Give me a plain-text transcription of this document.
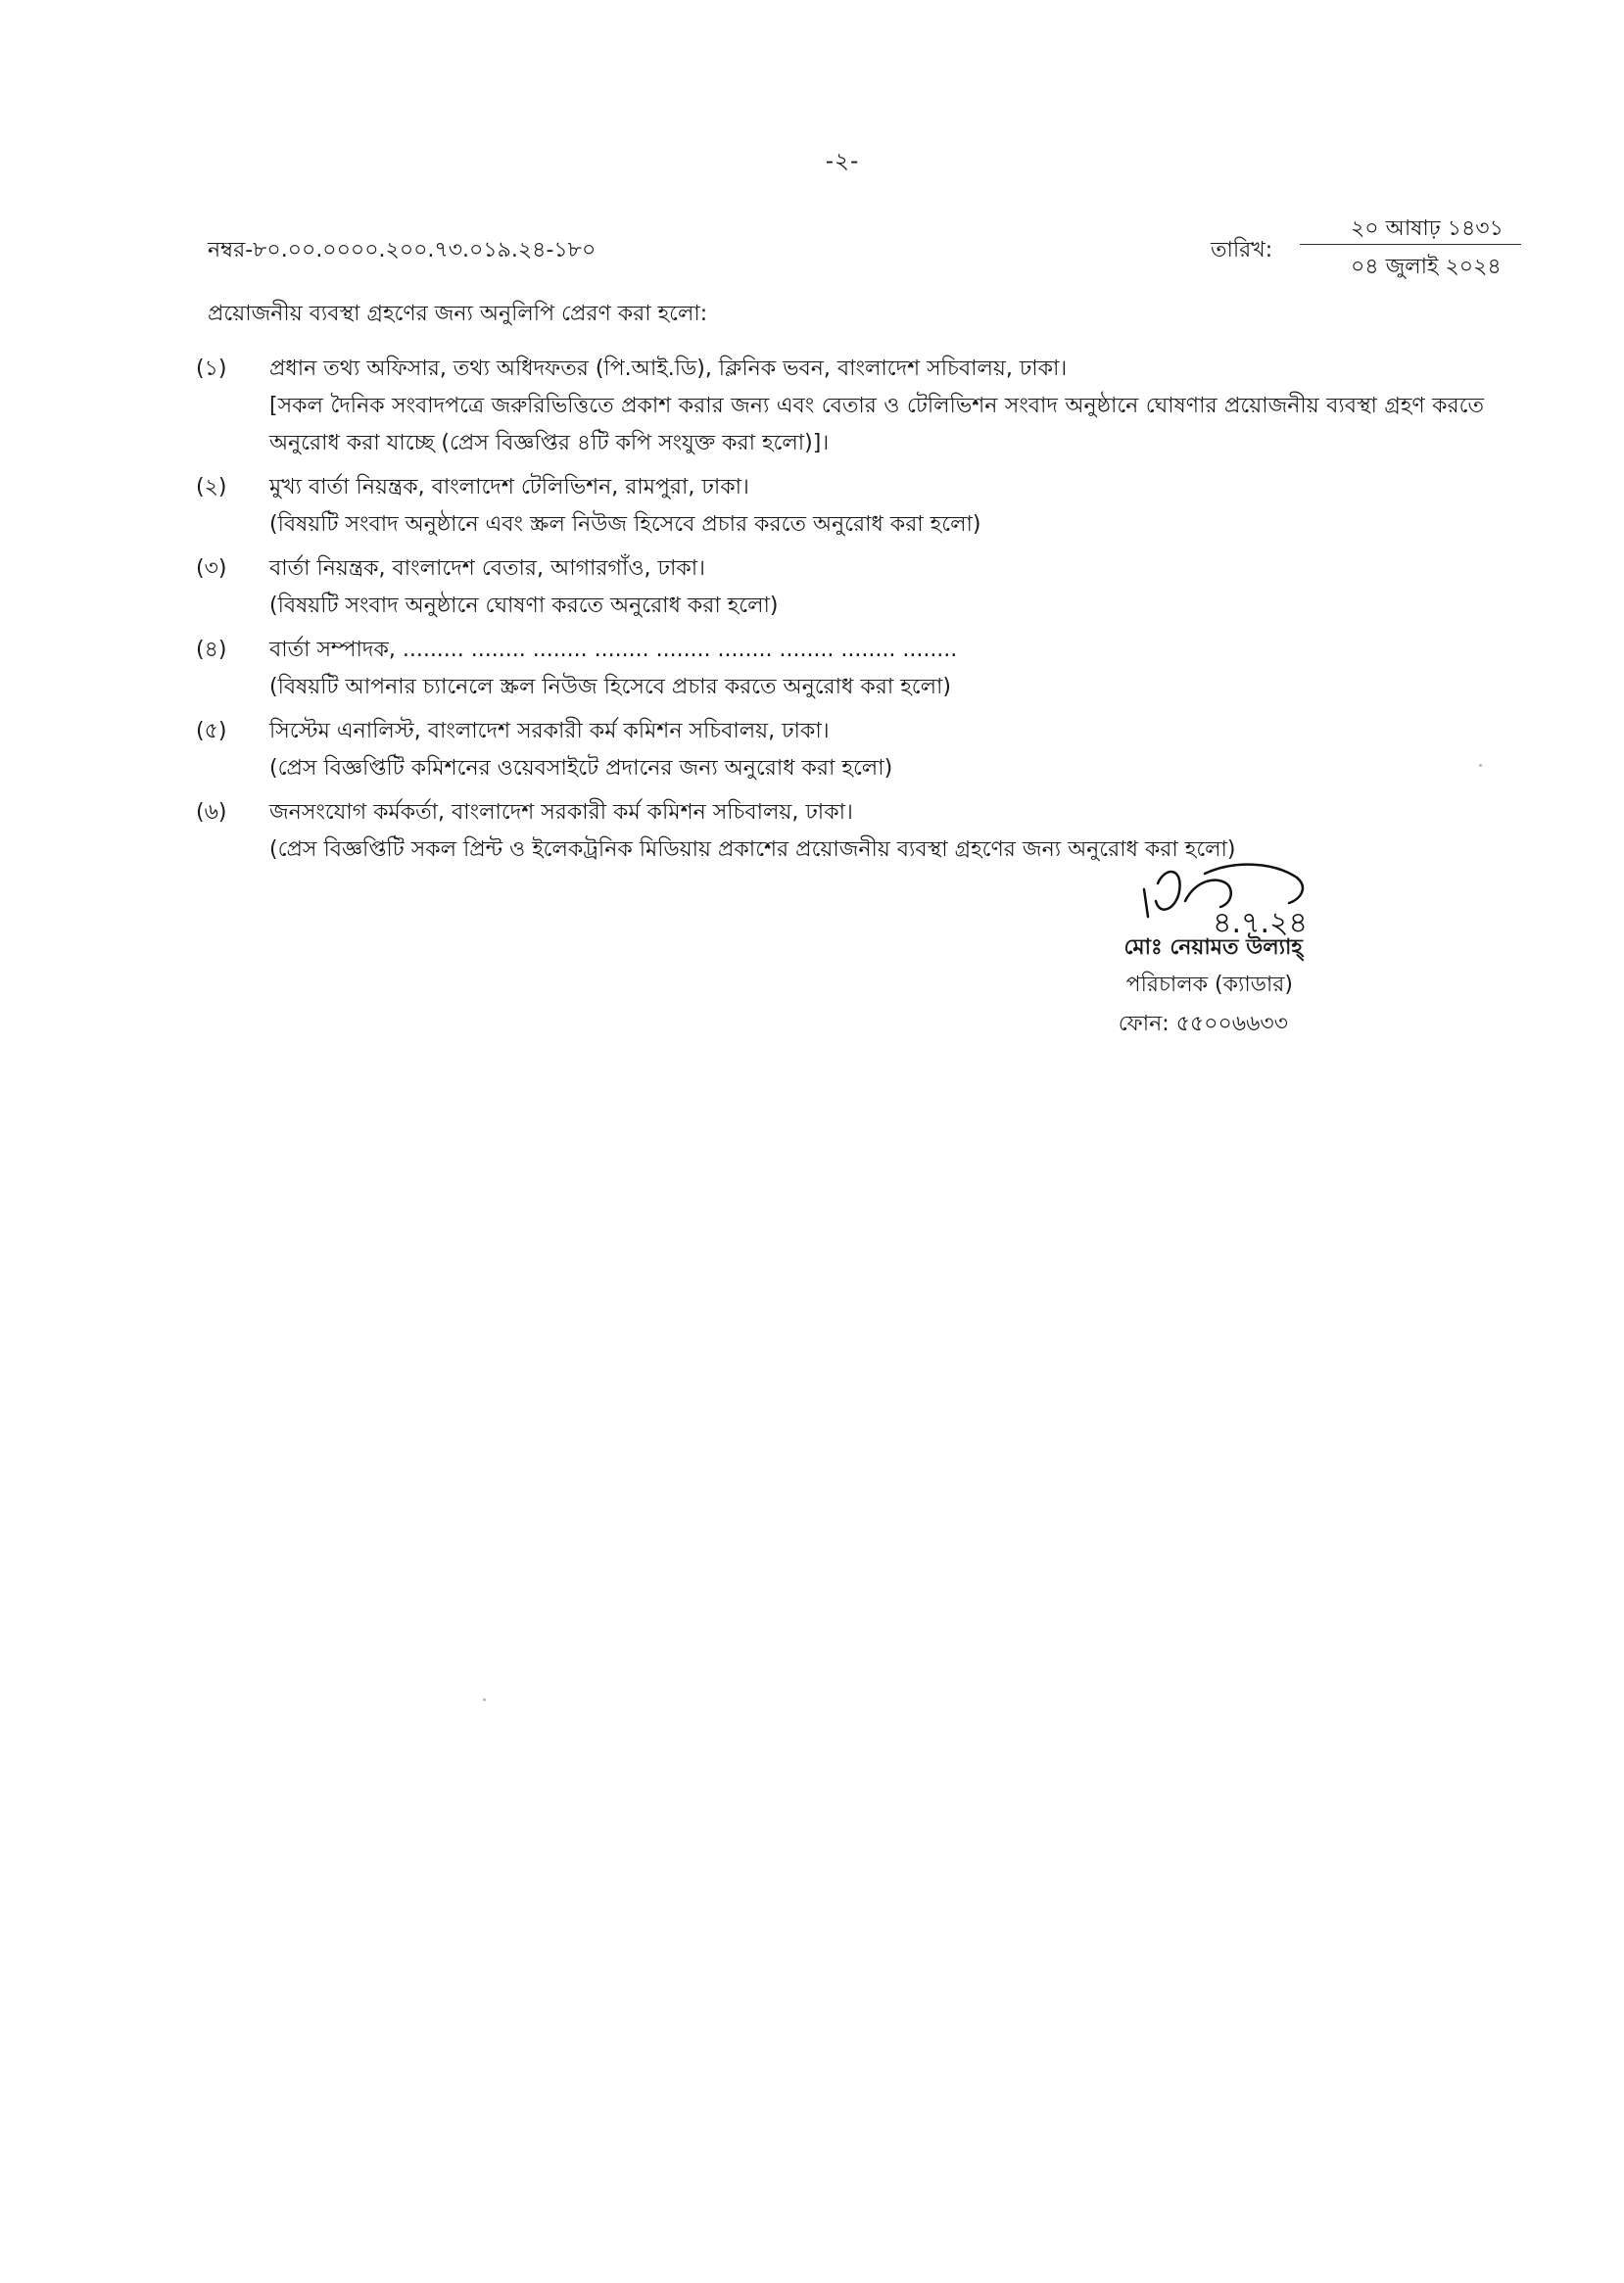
-২-
নম্বর-৮০.০০.০০০০.২০০.৭৩.০১৯.২৪-১৮০	তারিখ:
২০ আষাঢ় ১৪৩১
০৪ জুলাই ২০২৪
প্রয়োজনীয় ব্যবস্থা গ্রহণের জন্য অনুলিপি প্রেরণ করা হলো:
(১) প্রধান তথ্য অফিসার, তথ্য অধিদফতর (পি.আই.ডি), ক্লিনিক ভবন, বাংলাদেশ সচিবালয়, ঢাকা।
[সকল দৈনিক সংবাদপত্রে জরুরিভিত্তিতে প্রকাশ করার জন্য এবং বেতার ও টেলিভিশন সংবাদ অনুষ্ঠানে ঘোষণার প্রয়োজনীয় ব্যবস্থা গ্রহণ করতে অনুরোধ করা যাচ্ছে (প্রেস বিজ্ঞপ্তির ৪টি কপি সংযুক্ত করা হলো)]।
(২) মুখ্য বার্তা নিয়ন্ত্রক, বাংলাদেশ টেলিভিশন, রামপুরা, ঢাকা।
(বিষয়টি সংবাদ অনুষ্ঠানে এবং স্ক্রল নিউজ হিসেবে প্রচার করতে অনুরোধ করা হলো)
(৩) বার্তা নিয়ন্ত্রক, বাংলাদেশ বেতার, আগারগাঁও, ঢাকা।
(বিষয়টি সংবাদ অনুষ্ঠানে ঘোষণা করতে অনুরোধ করা হলো)
(৪) বার্তা সম্পাদক, ......... ........ ........ ........ ........ ........ ........ ........ ........
(বিষয়টি আপনার চ্যানেলে স্ক্রল নিউজ হিসেবে প্রচার করতে অনুরোধ করা হলো)
(৫) সিস্টেম এনালিস্ট, বাংলাদেশ সরকারী কর্ম কমিশন সচিবালয়, ঢাকা।
(প্রেস বিজ্ঞপ্তিটি কমিশনের ওয়েবসাইটে প্রদানের জন্য অনুরোধ করা হলো)
(৬) জনসংযোগ কর্মকর্তা, বাংলাদেশ সরকারী কর্ম কমিশন সচিবালয়, ঢাকা।
(প্রেস বিজ্ঞপ্তিটি সকল প্রিন্ট ও ইলেকট্রনিক মিডিয়ায় প্রকাশের প্রয়োজনীয় ব্যবস্থা গ্রহণের জন্য অনুরোধ করা হলো)
৪.৭.২৪
মোঃ নেয়ামত উল্যাহ্
পরিচালক (ক্যাডার)
ফোন: ৫৫০০৬৬৩৩
